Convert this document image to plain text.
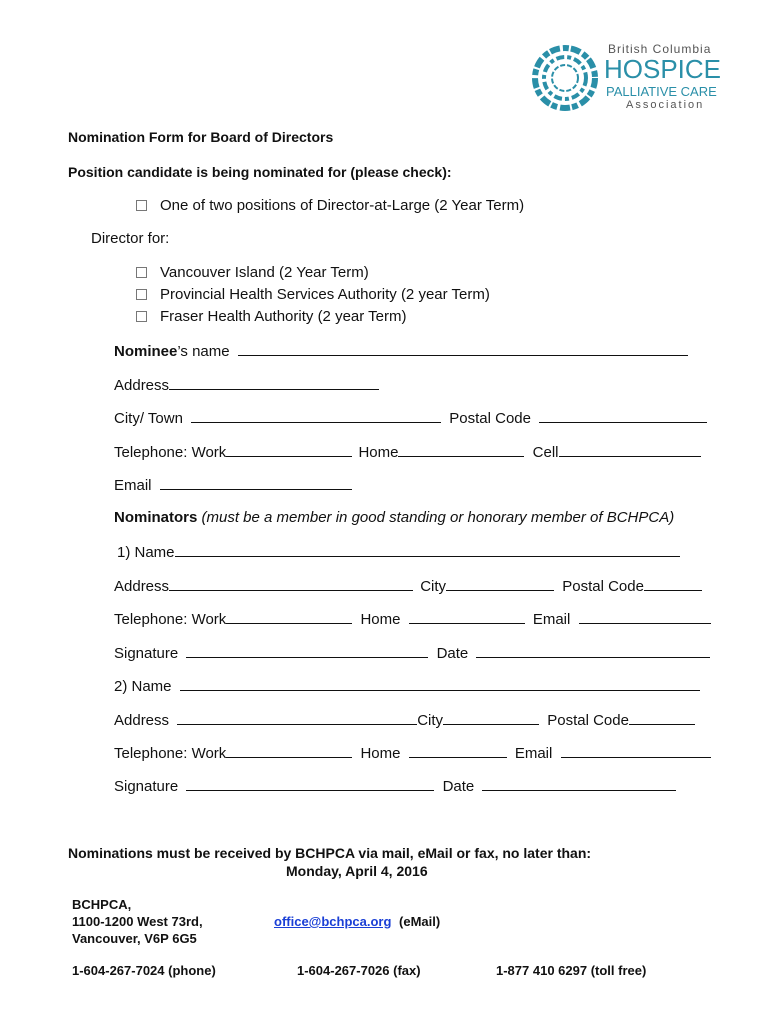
British Columbia
HOSPICE
PALLIATIVE CARE
Association
Nomination Form for Board of Directors
Position candidate is being nominated for (please check):
One of two positions of Director-at-Large (2 Year Term)
Director for:
Vancouver Island (2 Year Term)
Provincial Health Services Authority (2 year Term)
Fraser Health Authority (2 year Term)
Nominee’s name
Address
City/ Town	Postal Code
Telephone: Work	Home	Cell
Email
Nominators (must be a member in good standing or honorary member of BCHPCA)
1) Name
Address	City	Postal Code
Telephone: Work	Home	Email
Signature	Date
2) Name
Address	City	Postal Code
Telephone: Work	Home	Email
Signature	Date
Nominations must be received by BCHPCA via mail, eMail or fax, no later than:
Monday, April 4, 2016
BCHPCA,
1100-1200 West 73rd,
Vancouver, V6P 6G5
office@bchpca.org (eMail)
1-604-267-7024 (phone)	1-604-267-7026 (fax)	1-877 410 6297 (toll free)
